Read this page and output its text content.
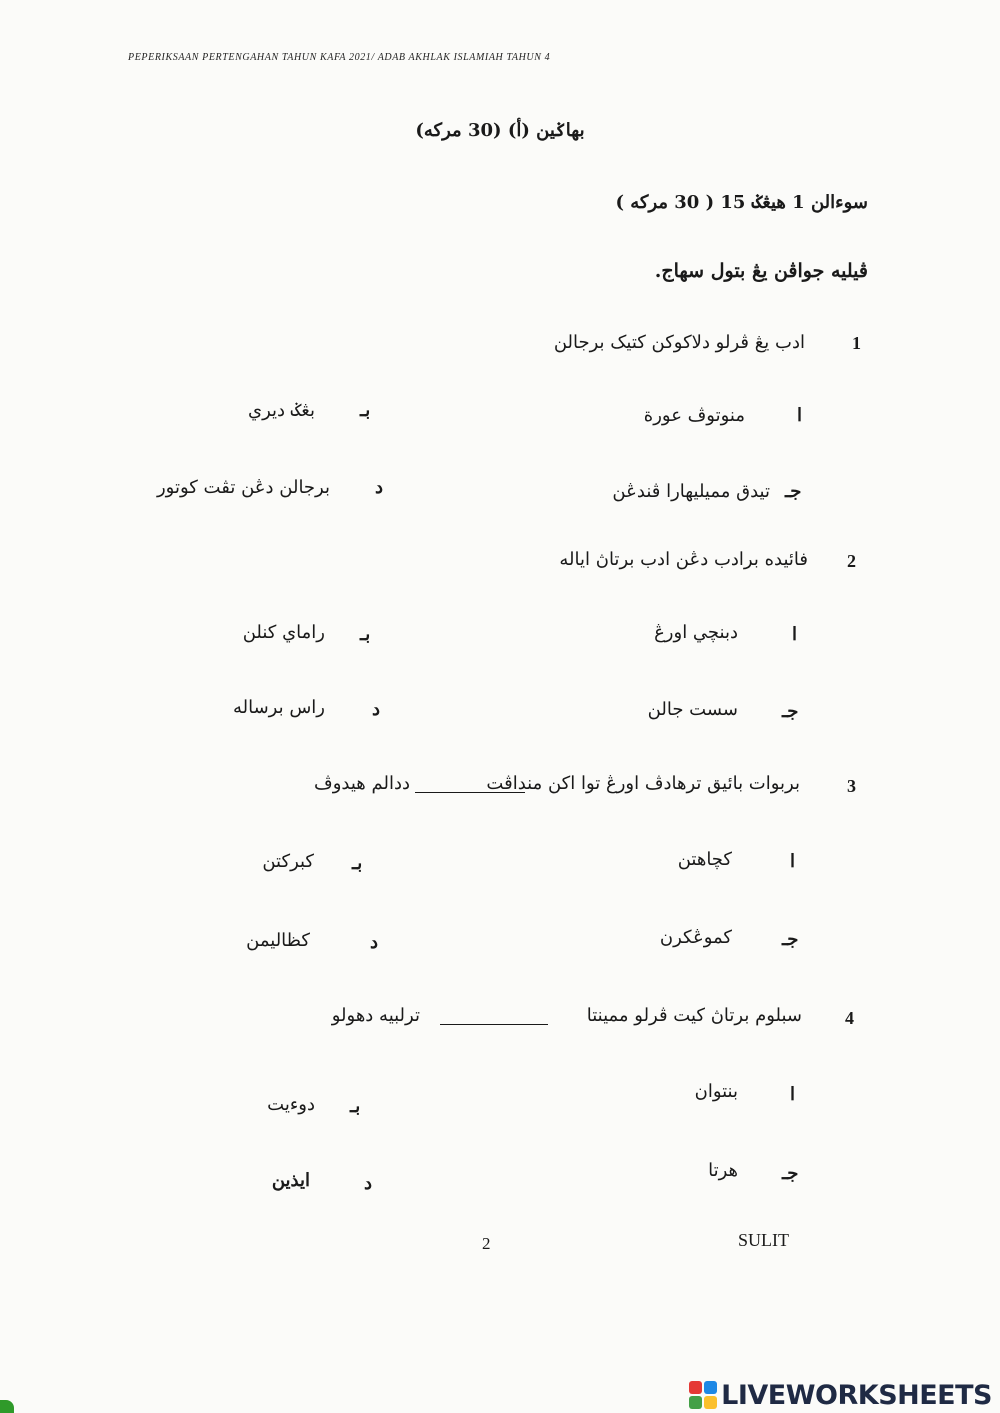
PEPERIKSAAN PERTENGAHAN TAHUN KAFA 2021/ ADAB AKHLAK ISLAMIAH TAHUN 4
بهاݢين (أ) (30 مركه)
سوءالن 1 هيڠݢ 15 ( 30 مركه )
ڤيليه جواڤن يڠ بتول سهاج.
1
ادب يڠ ڤرلو دلاکوکن کتيک برجالن
ا
منوتوڤ عورة
بـ
بڠݢ ديري
جـ
تيدق مميليهارا ڤندڠن
د
برجالن دڠن تڤت کوتور
2
فائيده برادب دڠن ادب برتاڽ اياله
ا
دبنچي اورڠ
بـ
راماي کنلن
جـ
سست جالن
د
راس برساله
3
بربوات بائيق ترهادڤ اورڠ توا اکن منداڤت
ددالم هيدوڤ
ا
کچاهتن
بـ
کبرکتن
جـ
کموڠکرن
د
کظاليمن
4
سبلوم برتاڽ کيت ڤرلو ممينتا
ترلبيه دهولو
ا
بنتوان
بـ
دوءيت
جـ
هرتا
د
ايذين
2	SULIT
LIVEWORKSHEETS
